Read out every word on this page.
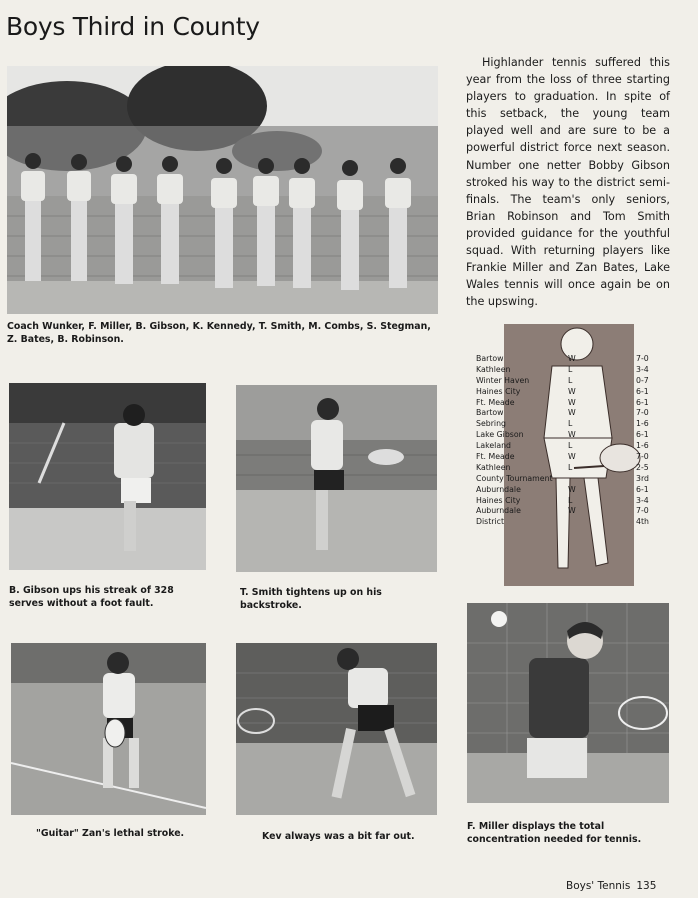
Boys Third in County
Coach Wunker, F. Miller, B. Gibson, K. Kennedy, T. Smith, M. Combs, S. Stegman, Z. Bates, B. Robinson.
Highlander tennis suffered this year from the loss of three starting players to graduation. In spite of this setback, the young team played well and are sure to be a powerful district force next season. Number one netter Bobby Gibson stroked his way to the district semi-finals. The team's only seniors, Brian Robinson and Tom Smith provided guidance for the youthful squad. With returning players like Frankie Miller and Zan Bates, Lake Wales tennis will once again be on the upswing.
B. Gibson ups his streak of 328 serves without a foot fault.
T. Smith tightens up on his backstroke.
Bartow	W	7-0
Kathleen	L	3-4
Winter Haven	L	0-7
Haines City	W	6-1
Ft. Meade	W	6-1
Bartow	W	7-0
Sebring	L	1-6
Lake Gibson	W	6-1
Lakeland	L	1-6
Ft. Meade	W	7-0
Kathleen	L	2-5
County Tournament	3rd
Auburndale	W	6-1
Haines City	L	3-4
Auburndale	W	7-0
District	4th
"Guitar" Zan's lethal stroke.	Kev always was a bit far out.
F. Miller displays the total concentration needed for tennis.
Boys' Tennis 135
